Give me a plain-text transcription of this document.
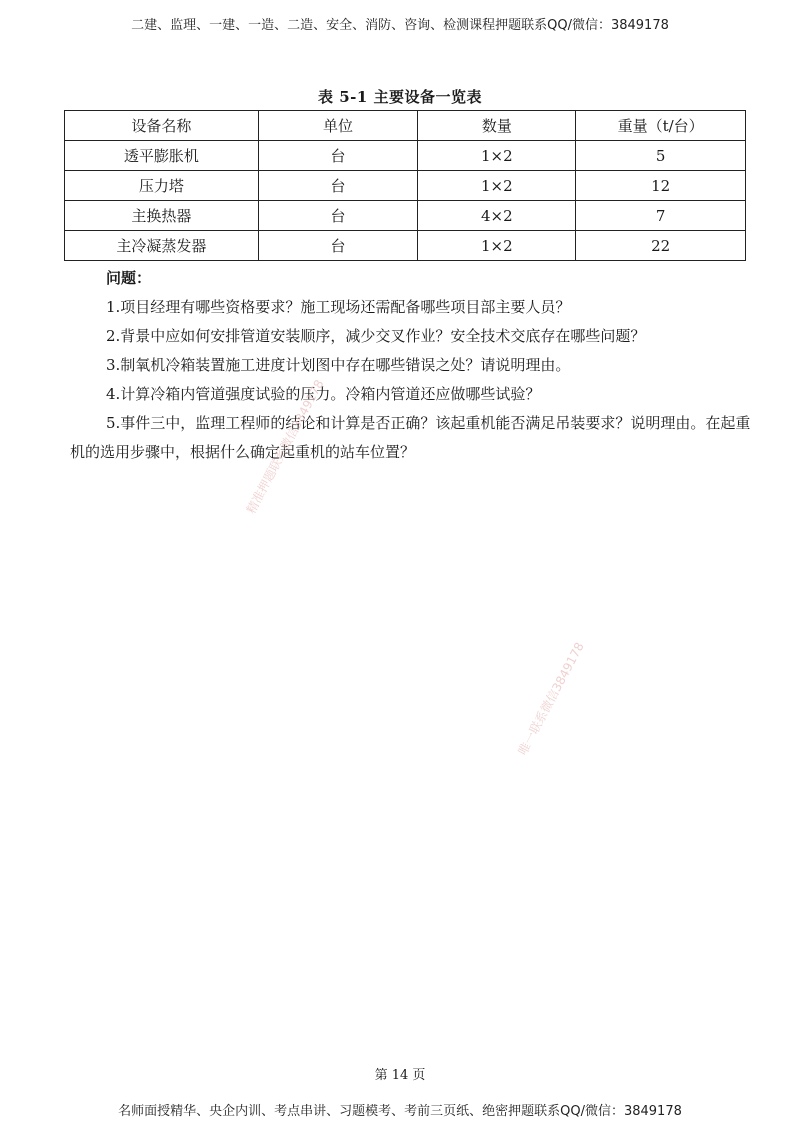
二建、监理、一建、一造、二造、安全、消防、咨询、检测课程押题联系QQ/微信：3849178
表 5-1 主要设备一览表
设备名称	单位	数量	重量（t/台）
透平膨胀机	台	1×2	5
压力塔	台	1×2	12
主换热器	台	4×2	7
主冷凝蒸发器	台	1×2	22
问题：

1.项目经理有哪些资格要求？施工现场还需配备哪些项目部主要人员？

2.背景中应如何安排管道安装顺序，减少交叉作业？安全技术交底存在哪些问题？

3.制氧机冷箱装置施工进度计划图中存在哪些错误之处？请说明理由。

4.计算冷箱内管道强度试验的压力。冷箱内管道还应做哪些试验？

5.事件三中，监理工程师的结论和计算是否正确？该起重机能否满足吊装要求？说明理由。在起重机的选用步骤中，根据什么确定起重机的站车位置？

精准押题联系微信3849178
唯一联系微信3849178
第 14 页
名师面授精华、央企内训、考点串讲、习题模考、考前三页纸、绝密押题联系QQ/微信：3849178
